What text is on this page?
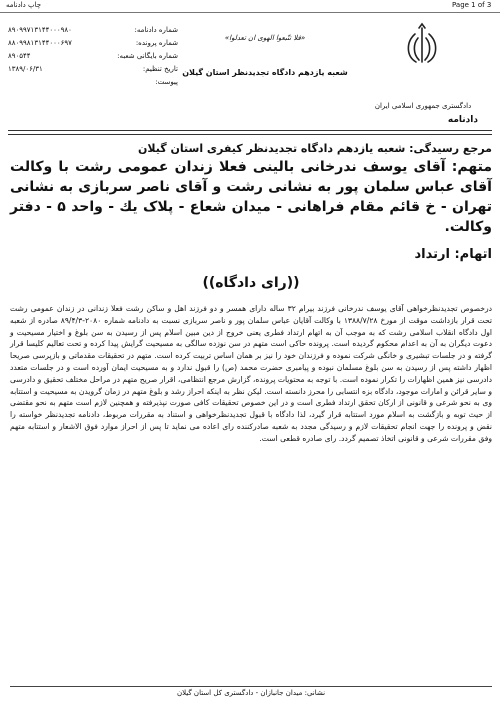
چاپ دادنامه	Page 1 of 3
شماره دادنامه:
۸۹۰۹۹۷۱۳۱۴۴۰۰۰۹۸۰
شماره پرونده:
۸۸۰۹۹۸۱۳۱۴۴۰۰۰۶۹۷
شماره بایگانی شعبه:
۸۹۰۵۴۴
تاریخ تنظیم:
۱۳۸۹/۰۶/۳۱
پیوست:
«فلا تتّبعوا الهوی ان تعدلوا»
شعبه یازدهم دادگاه تجدیدنظر استان گیلان
دادگستری جمهوری اسلامی ایران
دادنامه
مرجع رسیدگی: شعبه یازدهم دادگاه تجدیدنظر کیفری استان گیلان
متهم: آقای یوسف ندرخانی بالینی فعلا زندان عمومی رشت با وکالت آقای عباس سلمان پور به نشانی رشت و آقای ناصر سربازی به نشانی تهران - خ قائم مقام فراهانی - میدان شعاع - پلاک یك - واحد ۵ - دفتر وکالت.
اتهام: ارتداد
((رای دادگاه))
درخصوص تجدیدنظرخواهی آقای یوسف ندرخانی فرزند بیرام ۳۲ ساله دارای همسر و دو فرزند اهل و ساکن رشت فعلا زندانی در زندان عمومی رشت تحت قرار بازداشت موقت از مورخ ۱۳۸۸/۷/۲۸ با وکالت آقایان عباس سلمان پور و ناصر سربازی نسبت به دادنامه شماره ۲۰۸۰-۸۹/۴/۳ صادره از شعبه اول دادگاه انقلاب اسلامی رشت که به موجب آن به اتهام ارتداد فطری یعنی خروج از دین مبین اسلام پس از رسیدن به سن بلوغ و اختیار مسیحیت و دعوت دیگران به آن به اعدام محکوم گردیده است. پرونده حاکی است متهم در سن نوزده سالگی به مسیحیت گرایش پیدا کرده و تحت تعالیم کلیسا قرار گرفته و در جلسات تبشیری و خانگی شرکت نموده و فرزندان خود را نیز بر همان اساس تربیت کرده است. متهم در تحقیقات مقدماتی و بازپرسی صریحا اظهار داشته پس از رسیدن به سن بلوغ مسلمان نبوده و پیامبری حضرت محمد (ص) را قبول ندارد و به مسیحیت ایمان آورده است و در جلسات متعدد دادرسی نیز همین اظهارات را تکرار نموده است. با توجه به محتویات پرونده، گزارش مرجع انتظامی، اقرار صریح متهم در مراحل مختلف تحقیق و دادرسی و سایر قرائن و امارات موجود، دادگاه بزه انتسابی را محرز دانسته است. لیکن نظر به اینکه احراز رشد و بلوغ متهم در زمان گرویدن به مسیحیت و استتابه وی به نحو شرعی و قانونی از ارکان تحقق ارتداد فطری است و در این خصوص تحقیقات کافی صورت نپذیرفته و همچنین لازم است متهم به نحو مقتضی از حیث توبه و بازگشت به اسلام مورد استتابه قرار گیرد، لذا دادگاه با قبول تجدیدنظرخواهی و استناد به مقررات مربوط، دادنامه تجدیدنظر خواسته را نقض و پرونده را جهت انجام تحقیقات لازم و رسیدگی مجدد به شعبه صادرکننده رای اعاده می نماید تا پس از احراز موارد فوق الاشعار و استتابه متهم وفق مقررات شرعی و قانونی اتخاذ تصمیم گردد. رای صادره قطعی است.
نشانی: میدان جانبازان - دادگستری کل استان گیلان
